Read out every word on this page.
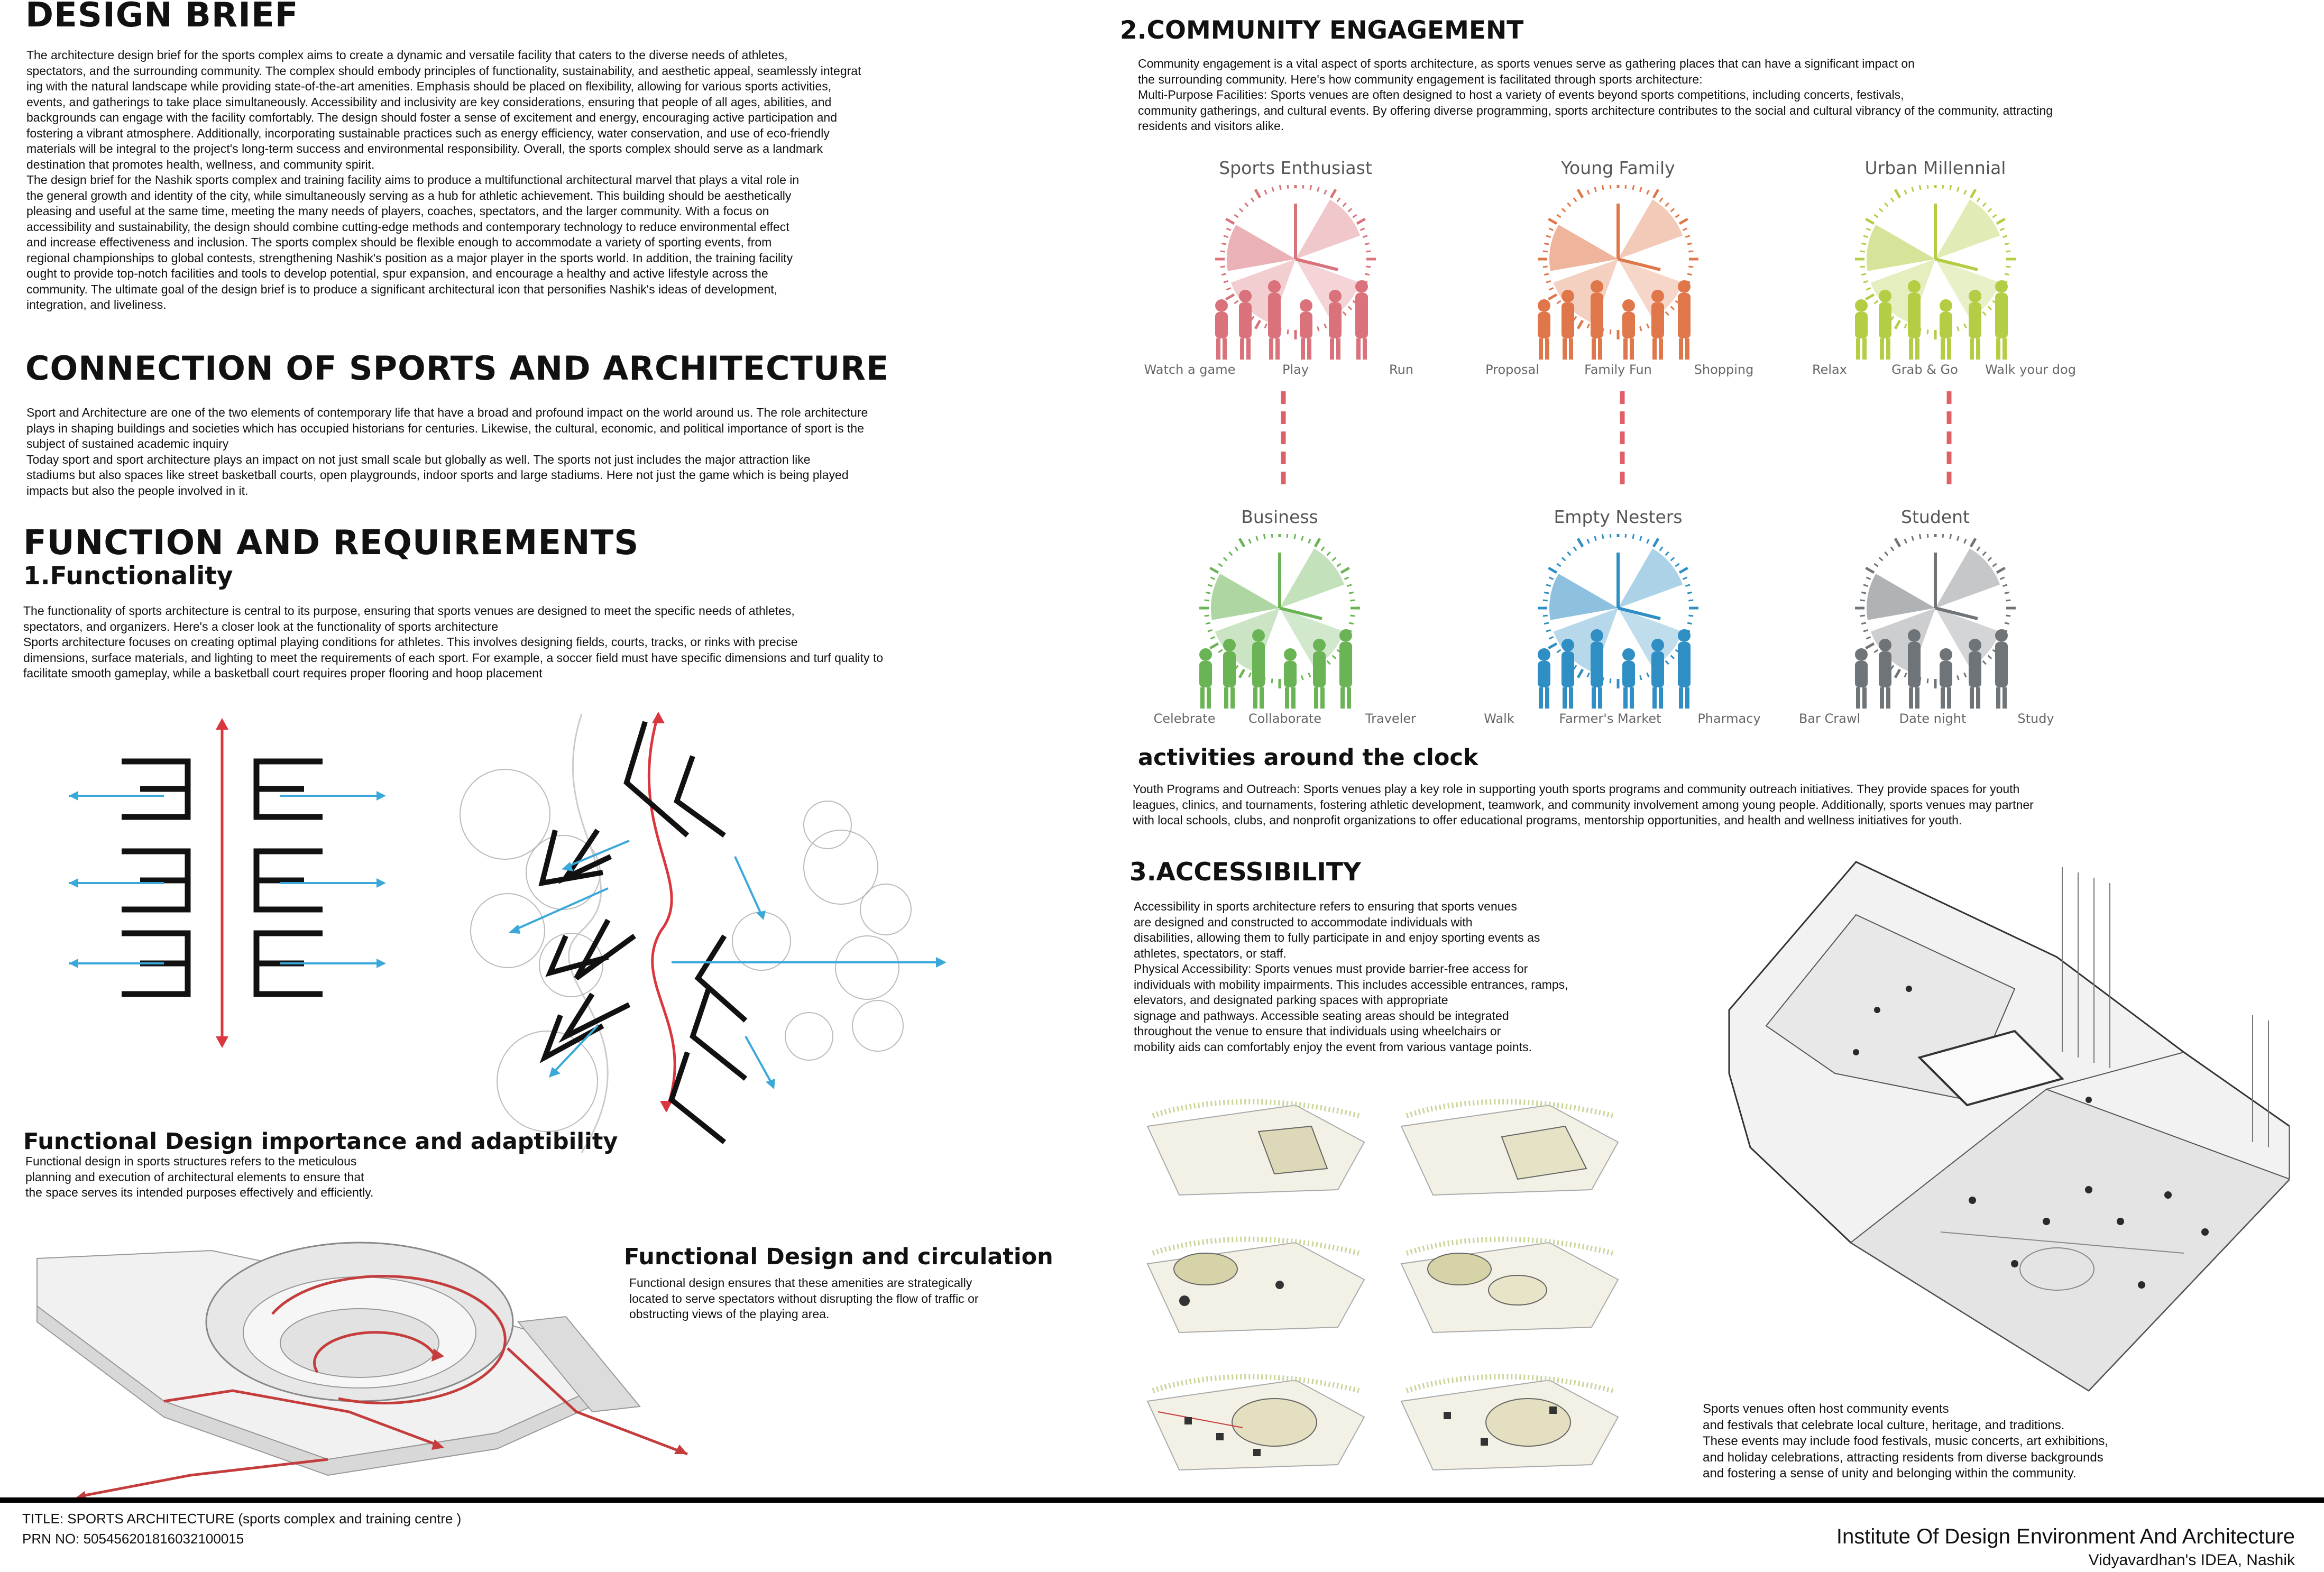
DESIGN BRIEF

The architecture design brief for the sports complex aims to create a dynamic and versatile facility that caters to the diverse needs of athletes,
spectators, and the surrounding community. The complex should embody principles of functionality, sustainability, and aesthetic appeal, seamlessly integrat
ing with the natural landscape while providing state-of-the-art amenities. Emphasis should be placed on flexibility, allowing for various sports activities,
events, and gatherings to take place simultaneously. Accessibility and inclusivity are key considerations, ensuring that people of all ages, abilities, and
backgrounds can engage with the facility comfortably. The design should foster a sense of excitement and energy, encouraging active participation and
fostering a vibrant atmosphere. Additionally, incorporating sustainable practices such as energy efficiency, water conservation, and use of eco-friendly
materials will be integral to the project's long-term success and environmental responsibility. Overall, the sports complex should serve as a landmark
destination that promotes health, wellness, and community spirit.
The design brief for the Nashik sports complex and training facility aims to produce a multifunctional architectural marvel that plays a vital role in
the general growth and identity of the city, while simultaneously serving as a hub for athletic achievement. This building should be aesthetically
pleasing and useful at the same time, meeting the many needs of players, coaches, spectators, and the larger community. With a focus on
accessibility and sustainability, the design should combine cutting-edge methods and contemporary technology to reduce environmental effect
and increase effectiveness and inclusion. The sports complex should be flexible enough to accommodate a variety of sporting events, from
regional championships to global contests, strengthening Nashik's position as a major player in the sports world. In addition, the training facility
ought to provide top-notch facilities and tools to develop potential, spur expansion, and encourage a healthy and active lifestyle across the
community. The ultimate goal of the design brief is to produce a significant architectural icon that personifies Nashik's ideas of development,
integration, and liveliness.

CONNECTION OF SPORTS AND ARCHITECTURE

Sport and Architecture are one of the two elements of contemporary life that have a broad and profound impact on the world around us. The role architecture
plays in shaping buildings and societies which has occupied historians for centuries. Likewise, the cultural, economic, and political importance of sport is the
subject of sustained academic inquiry
Today sport and sport architecture plays an impact on not just small scale but globally as well. The sports not just includes the major attraction like
stadiums but also spaces like street basketball courts, open playgrounds, indoor sports and large stadiums. Here not just the game which is being played
impacts but also the people involved in it.

FUNCTION AND REQUIREMENTS
1.Functionality

The functionality of sports architecture is central to its purpose, ensuring that sports venues are designed to meet the specific needs of athletes,
spectators, and organizers. Here's a closer look at the functionality of sports architecture
Sports architecture focuses on creating optimal playing conditions for athletes. This involves designing fields, courts, tracks, or rinks with precise
dimensions, surface materials, and lighting to meet the requirements of each sport. For example, a soccer field must have specific dimensions and turf quality to
facilitate smooth gameplay, while a basketball court requires proper flooring and hoop placement

Functional Design importance and adaptibility

Functional design in sports structures refers to the meticulous
planning and execution of architectural elements to ensure that
the space serves its intended purposes effectively and efficiently.

Functional Design and circulation

Functional design ensures that these amenities are strategically
located to serve spectators without disrupting the flow of traffic or
obstructing views of the playing area.

2.COMMUNITY ENGAGEMENT

Community engagement is a vital aspect of sports architecture, as sports venues serve as gathering places that can have a significant impact on
the surrounding community. Here's how community engagement is facilitated through sports architecture:
Multi-Purpose Facilities: Sports venues are often designed to host a variety of events beyond sports competitions, including concerts, festivals,
community gatherings, and cultural events. By offering diverse programming, sports architecture contributes to the social and cultural vibrancy of the community, attracting
residents and visitors alike.

Sports Enthusiast
Watch a game	Play	Run
Young Family
Proposal	Family Fun	Shopping
Urban Millennial
Relax	Grab & Go	Walk your dog
Business
Celebrate	Collaborate	Traveler
Empty Nesters
Walk	Farmer's Market	Pharmacy
Student
Bar Crawl	Date night	Study
activities around the clock

Youth Programs and Outreach: Sports venues play a key role in supporting youth sports programs and community outreach initiatives. They provide spaces for youth
leagues, clinics, and tournaments, fostering athletic development, teamwork, and community involvement among young people. Additionally, sports venues may partner
with local schools, clubs, and nonprofit organizations to offer educational programs, mentorship opportunities, and health and wellness initiatives for youth.

3.ACCESSIBILITY

Accessibility in sports architecture refers to ensuring that sports venues
are designed and constructed to accommodate individuals with
disabilities, allowing them to fully participate in and enjoy sporting events as
athletes, spectators, or staff.
Physical Accessibility: Sports venues must provide barrier-free access for
individuals with mobility impairments. This includes accessible entrances, ramps,
elevators, and designated parking spaces with appropriate
signage and pathways. Accessible seating areas should be integrated
throughout the venue to ensure that individuals using wheelchairs or
mobility aids can comfortably enjoy the event from various vantage points.

Sports venues often host community events
and festivals that celebrate local culture, heritage, and traditions.
These events may include food festivals, music concerts, art exhibitions,
and holiday celebrations, attracting residents from diverse backgrounds
and fostering a sense of unity and belonging within the community.

TITLE: SPORTS ARCHITECTURE (sports complex and training centre )
PRN NO: 505456201816032100015	Institute Of Design Environment And Architecture
Vidyavardhan's IDEA, Nashik
